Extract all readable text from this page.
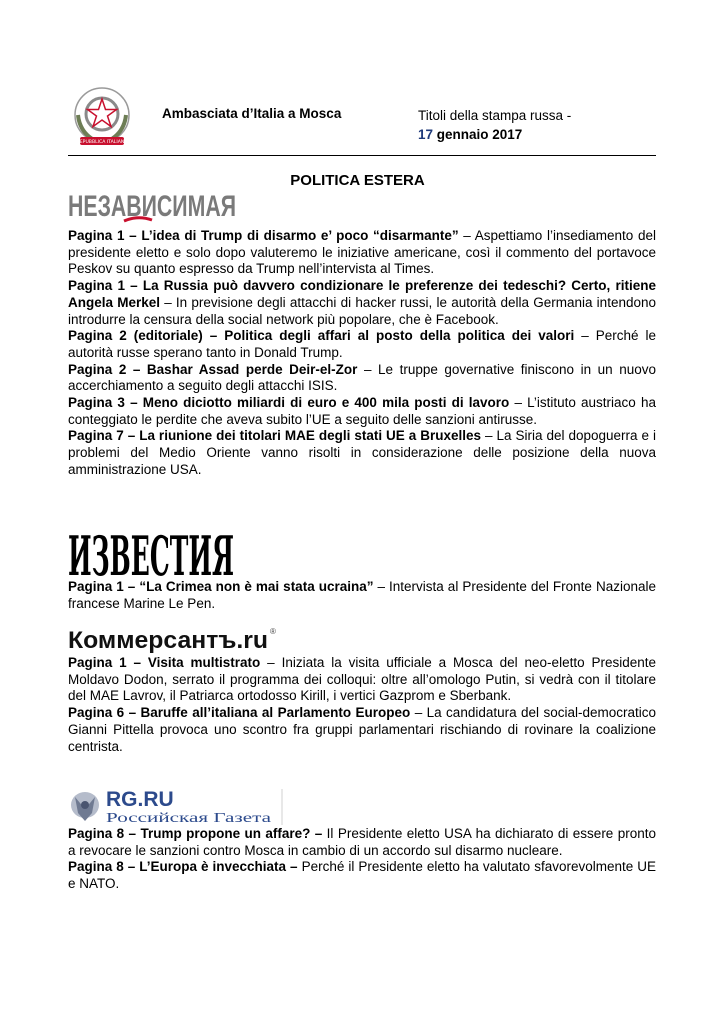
REPUBBLICA ITALIANA
Ambasciata d’Italia a Mosca	Titoli della stampa russa -
17 gennaio 2017
POLITICA ESTERA
НЕЗАВИСИМАЯ

Pagina 1 – L’idea di Trump di disarmo e’ poco “disarmante” – Aspettiamo l’insediamento del presidente eletto e solo dopo valuteremo le iniziative americane, così il commento del portavoce Peskov su quanto espresso da Trump nell’intervista al Times.

Pagina 1 – La Russia può davvero condizionare le preferenze dei tedeschi? Certo, ritiene Angela Merkel – In previsione degli attacchi di hacker russi, le autorità della Germania intendono introdurre la censura della social network più popolare, che è Facebook.

Pagina 2 (editoriale) – Politica degli affari al posto della politica dei valori – Perché le autorità russe sperano tanto in Donald Trump.

Pagina 2 – Bashar Assad perde Deir-el-Zor – Le truppe governative finiscono in un nuovo accerchiamento a seguito degli attacchi ISIS.

Pagina 3 – Meno diciotto miliardi di euro e 400 mila posti di lavoro – L’istituto austriaco ha conteggiato le perdite che aveva subito l’UE a seguito delle sanzioni antirusse.

Pagina 7 – La riunione dei titolari MAE degli stati UE a Bruxelles – La Siria del dopoguerra e i problemi del Medio Oriente vanno risolti in considerazione delle posizione della nuova amministrazione USA.

ИЗВЕСТИЯ

Pagina 1 – “La Crimea non è mai stata ucraina” – Intervista al Presidente del Fronte Nazionale francese Marine Le Pen.

Коммерсантъ.ru ®

Pagina 1 – Visita multistrato – Iniziata la visita ufficiale a Mosca del neo-eletto Presidente Moldavo Dodon, serrato il programma dei colloqui: oltre all’omologo Putin, si vedrà con il titolare del MAE Lavrov, il Patriarca ortodosso Kirill, i vertici Gazprom e Sberbank.

Pagina 6 – Baruffe all’italiana al Parlamento Europeo – La candidatura del social-democratico Gianni Pittella provoca uno scontro fra gruppi parlamentari rischiando di rovinare la coalizione centrista.

RG.RU
Российская Газета

Pagina 8 – Trump propone un affare? – Il Presidente eletto USA ha dichiarato di essere pronto a revocare le sanzioni contro Mosca in cambio di un accordo sul disarmo nucleare.

Pagina 8 – L’Europa è invecchiata – Perché il Presidente eletto ha valutato sfavorevolmente UE e NATO.
